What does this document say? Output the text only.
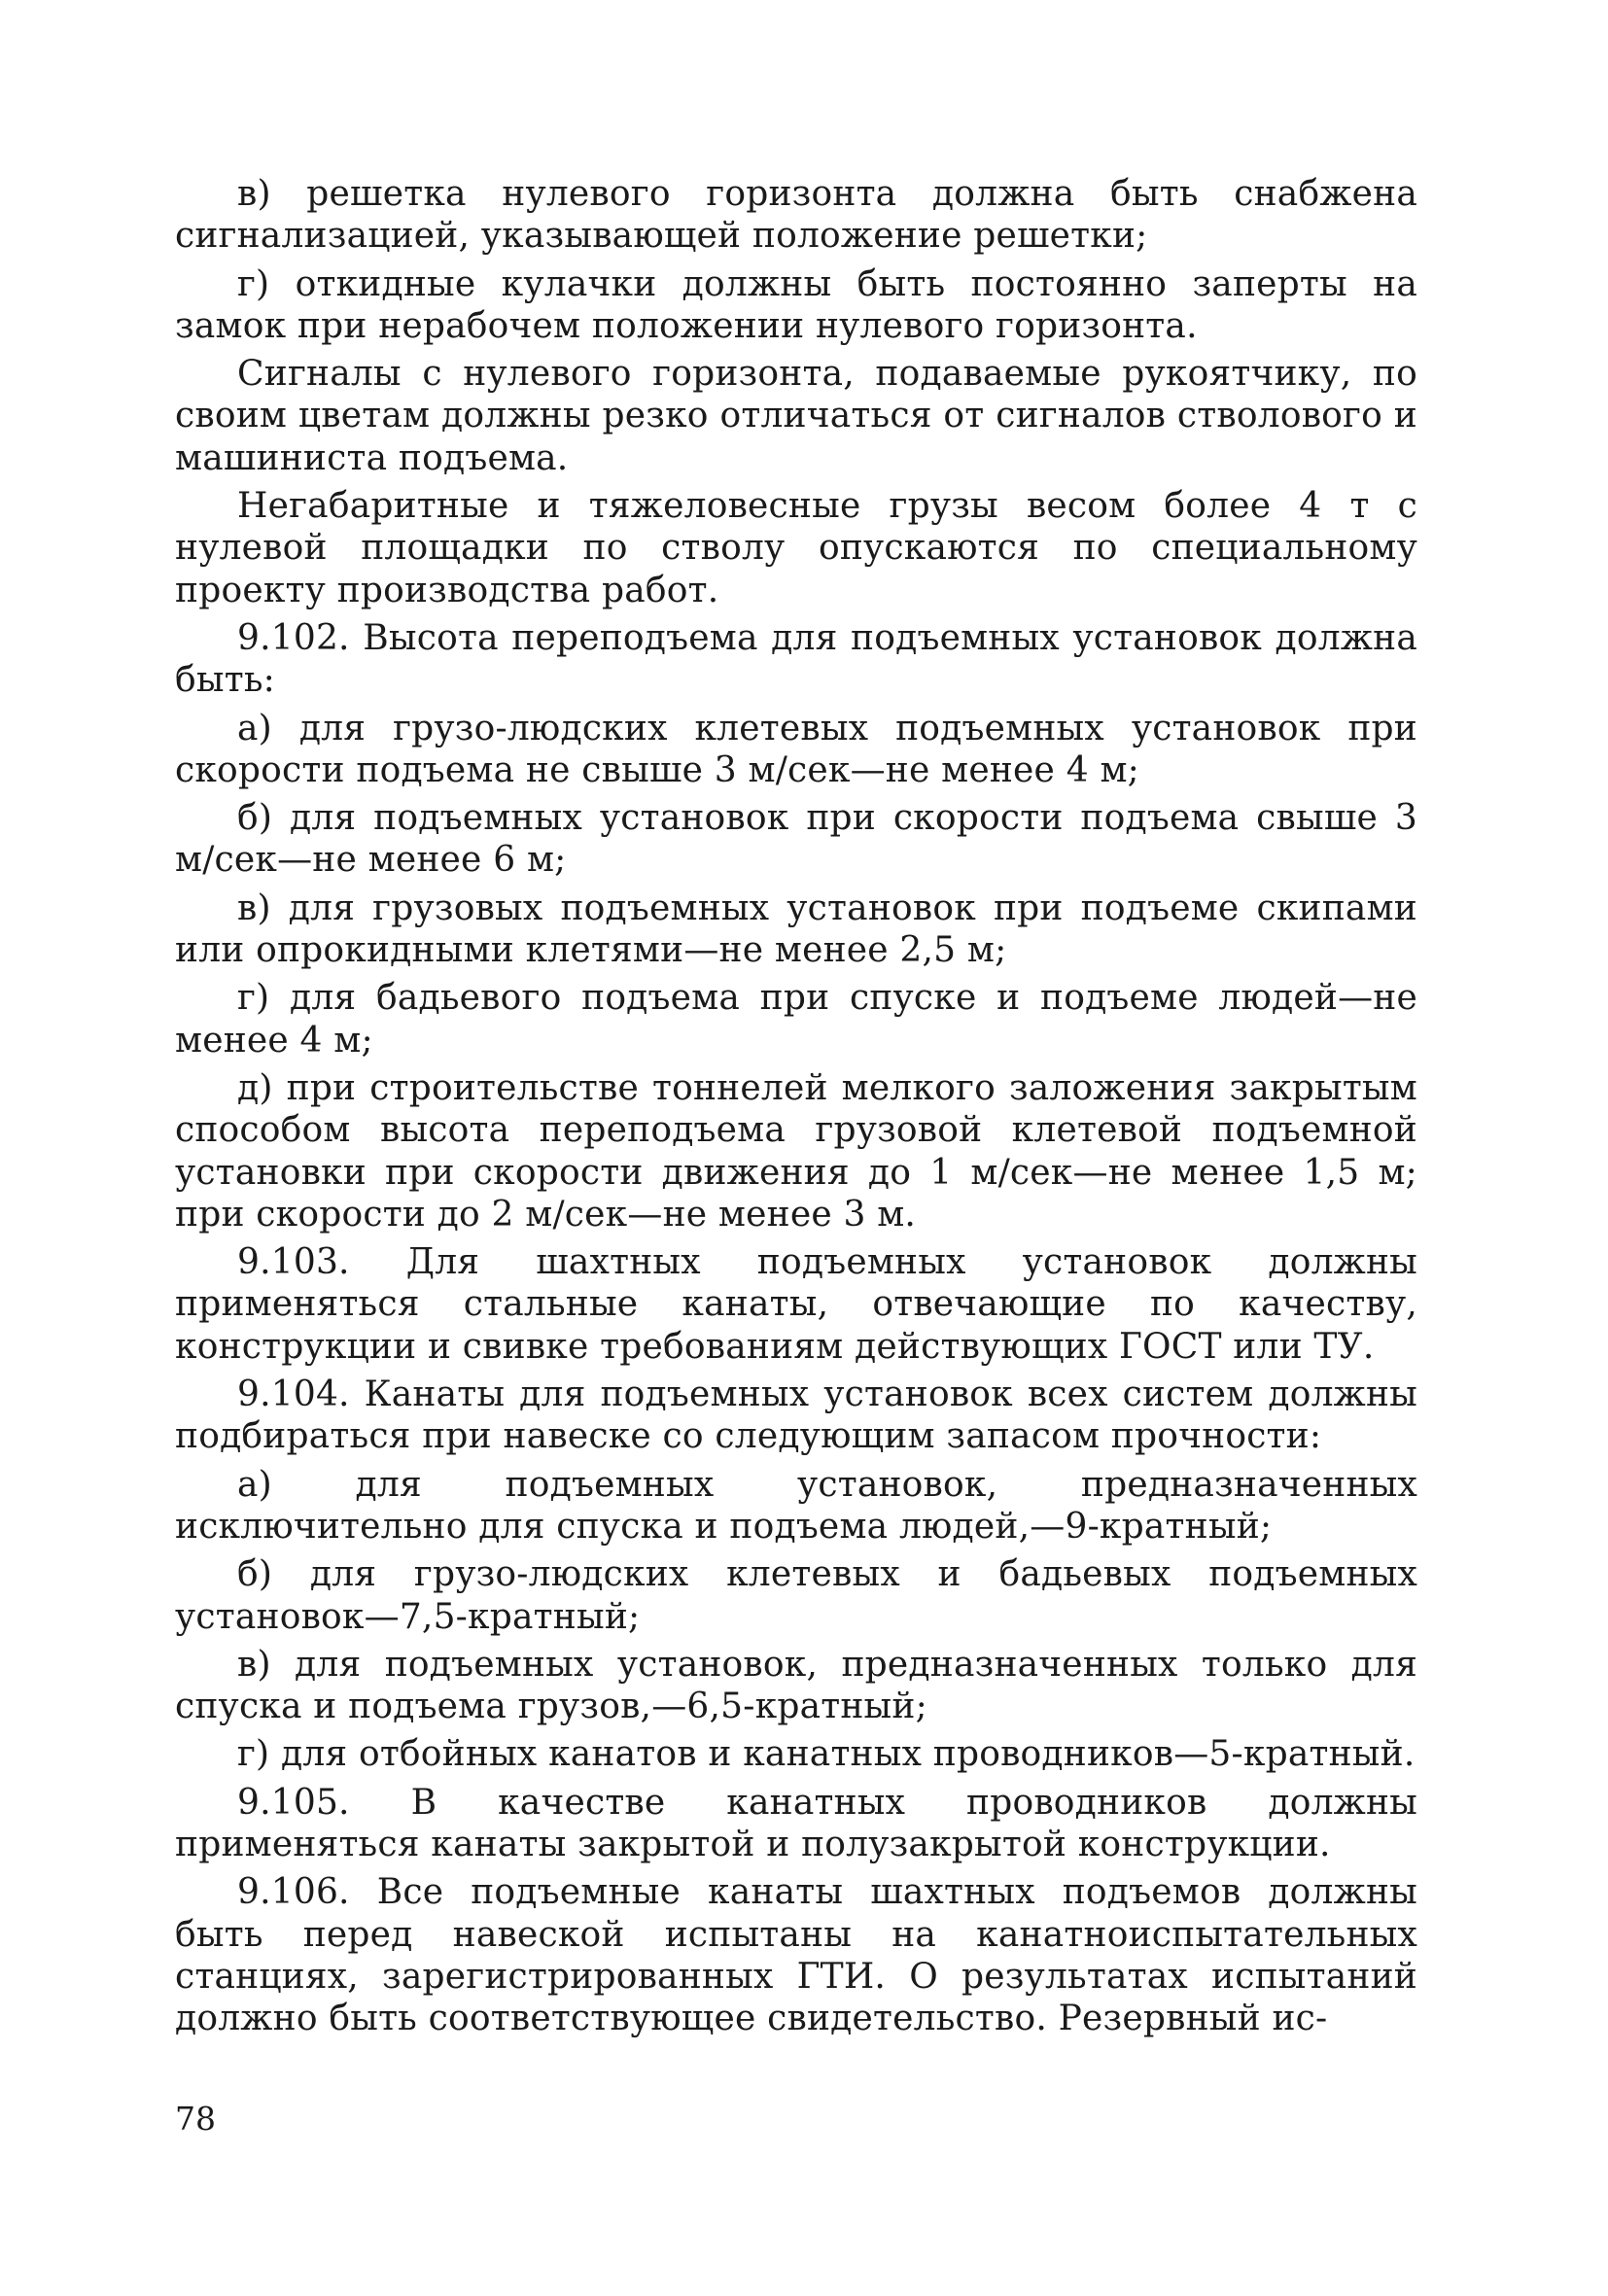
в) решетка нулевого горизонта должна быть снабжена сигнализацией, указывающей положение решетки;

г) откидные кулачки должны быть постоянно заперты на замок при нерабочем положении нулевого горизонта.

Сигналы с нулевого горизонта, подаваемые рукоятчику, по своим цветам должны резко отличаться от сигналов стволового и машиниста подъема.

Негабаритные и тяжеловесные грузы весом более 4 т с нулевой площадки по стволу опускаются по специальному проекту производства работ.

9.102. Высота переподъема для подъемных установок должна быть:

а) для грузо-людских клетевых подъемных установок при скорости подъема не свыше 3 м/сек—не менее 4 м;

б) для подъемных установок при скорости подъема свыше 3 м/сек—не менее 6 м;

в) для грузовых подъемных установок при подъеме скипами или опрокидными клетями—не менее 2,5 м;

г) для бадьевого подъема при спуске и подъеме людей—не менее 4 м;

д) при строительстве тоннелей мелкого заложения закрытым способом высота переподъема грузовой клетевой подъемной установки при скорости движения до 1 м/сек—не менее 1,5 м; при скорости до 2 м/сек—не менее 3 м.

9.103. Для шахтных подъемных установок должны применяться стальные канаты, отвечающие по качеству, конструкции и свивке требованиям действующих ГОСТ или ТУ.

9.104. Канаты для подъемных установок всех систем должны подбираться при навеске со следующим запасом прочности:

а) для подъемных установок, предназначенных исключительно для спуска и подъема людей,—9-кратный;

б) для грузо-людских клетевых и бадьевых подъемных установок—7,5-кратный;

в) для подъемных установок, предназначенных только для спуска и подъема грузов,—6,5-кратный;

г) для отбойных канатов и канатных проводников—5-кратный.

9.105. В качестве канатных проводников должны применяться канаты закрытой и полузакрытой конструкции.

9.106. Все подъемные канаты шахтных подъемов должны быть перед навеской испытаны на канатноиспытательных станциях, зарегистрированных ГТИ. О результатах испытаний должно быть соответствующее свидетельство. Резервный ис-

78
